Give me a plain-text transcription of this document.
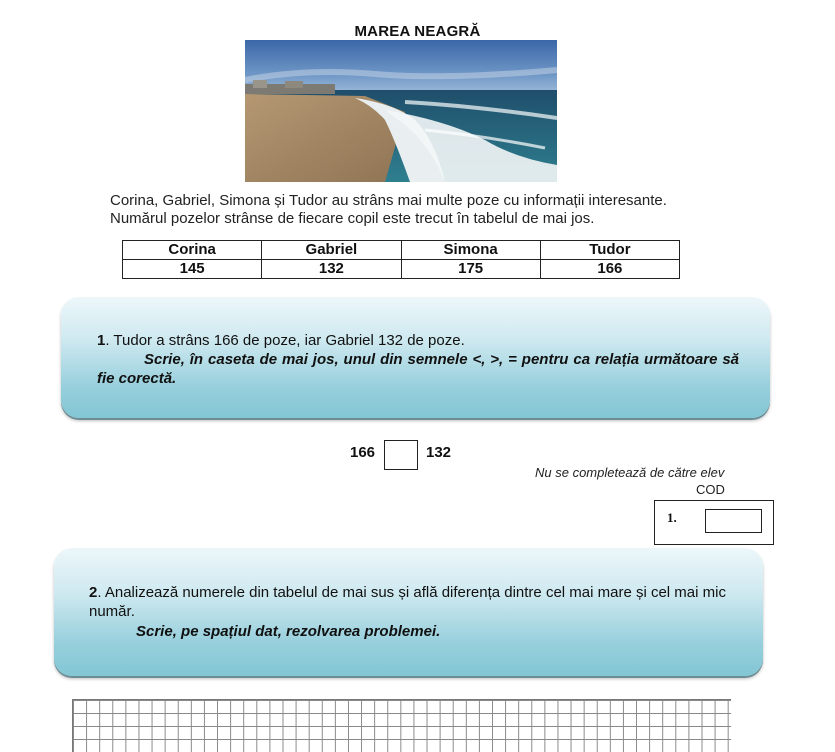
MAREA NEAGRĂ
Corina, Gabriel, Simona și Tudor au strâns mai multe poze cu informații interesante.
Numărul pozelor strânse de fiecare copil este trecut în tabelul de mai jos.
Corina	Gabriel	Simona	Tudor
145	132	175	166
1. Tudor a strâns 166 de poze, iar Gabriel 132 de poze.
Scrie, în caseta de mai jos, unul din semnele <, >, = pentru ca relația următoare să fie corectă.
166	132
Nu se completează de către elev
COD
1.
2. Analizează numerele din tabelul de mai sus și află diferența dintre cel mai mare și cel mai mic număr.
Scrie, pe spațiul dat, rezolvarea problemei.
